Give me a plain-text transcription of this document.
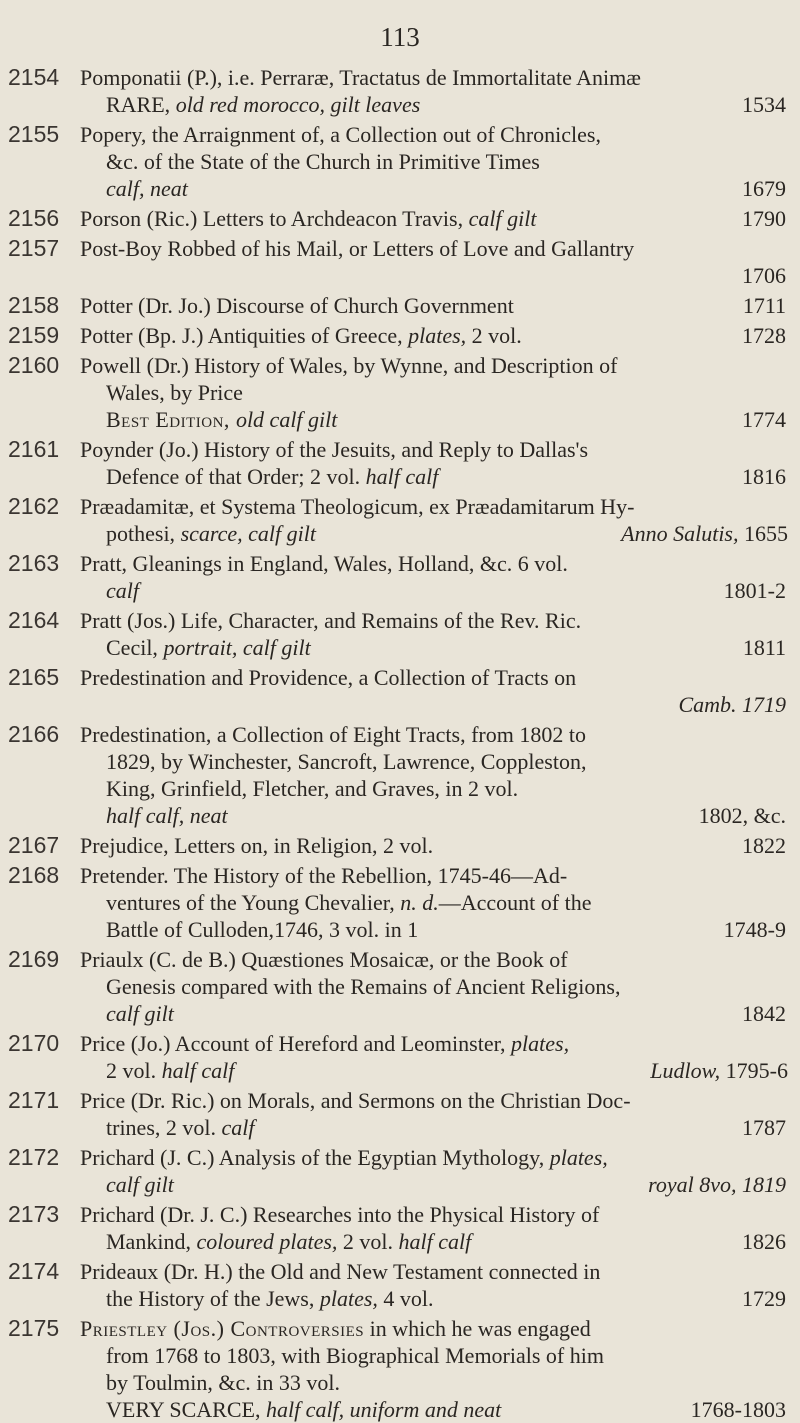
113
2154 Pomponatii (P.), i.e. Perraræ, Tractatus de Immortalitate Animæ
RARE, old red morocco, gilt leaves	1534
2155 Popery, the Arraignment of, a Collection out of Chronicles,
&c. of the State of the Church in Primitive Times
calf, neat	1679
2156 Porson (Ric.) Letters to Archdeacon Travis, calf gilt	1790
2157 Post-Boy Robbed of his Mail, or Letters of Love and Gallantry
1706
2158 Potter (Dr. Jo.) Discourse of Church Government	1711
2159 Potter (Bp. J.) Antiquities of Greece, plates, 2 vol.	1728
2160 Powell (Dr.) History of Wales, by Wynne, and Description of
Wales, by Price
Best Edition, old calf gilt	1774
2161 Poynder (Jo.) History of the Jesuits, and Reply to Dallas's
Defence of that Order; 2 vol. half calf	1816
2162 Præadamitæ, et Systema Theologicum, ex Præadamitarum Hy-
pothesi, scarce, calf gilt	Anno Salutis, 1655
2163 Pratt, Gleanings in England, Wales, Holland, &c. 6 vol.
calf	1801-2
2164 Pratt (Jos.) Life, Character, and Remains of the Rev. Ric.
Cecil, portrait, calf gilt	1811
2165 Predestination and Providence, a Collection of Tracts on
Camb. 1719
2166 Predestination, a Collection of Eight Tracts, from 1802 to
1829, by Winchester, Sancroft, Lawrence, Coppleston,
King, Grinfield, Fletcher, and Graves, in 2 vol.
half calf, neat	1802, &c.
2167 Prejudice, Letters on, in Religion, 2 vol.	1822
2168 Pretender. The History of the Rebellion, 1745-46—Ad-
ventures of the Young Chevalier, n. d.—Account of the
Battle of Culloden,1746, 3 vol. in 1	1748-9
2169 Priaulx (C. de B.) Quæstiones Mosaicæ, or the Book of
Genesis compared with the Remains of Ancient Religions,
calf gilt	1842
2170 Price (Jo.) Account of Hereford and Leominster, plates,
2 vol. half calf	Ludlow, 1795-6
2171 Price (Dr. Ric.) on Morals, and Sermons on the Christian Doc-
trines, 2 vol. calf	1787
2172 Prichard (J. C.) Analysis of the Egyptian Mythology, plates,
calf gilt	royal 8vo, 1819
2173 Prichard (Dr. J. C.) Researches into the Physical History of
Mankind, coloured plates, 2 vol. half calf	1826
2174 Prideaux (Dr. H.) the Old and New Testament connected in
the History of the Jews, plates, 4 vol.	1729
2175 Priestley (Jos.) Controversies in which he was engaged
from 1768 to 1803, with Biographical Memorials of him
by Toulmin, &c. in 33 vol.
VERY SCARCE, half calf, uniform and neat	1768-1803
